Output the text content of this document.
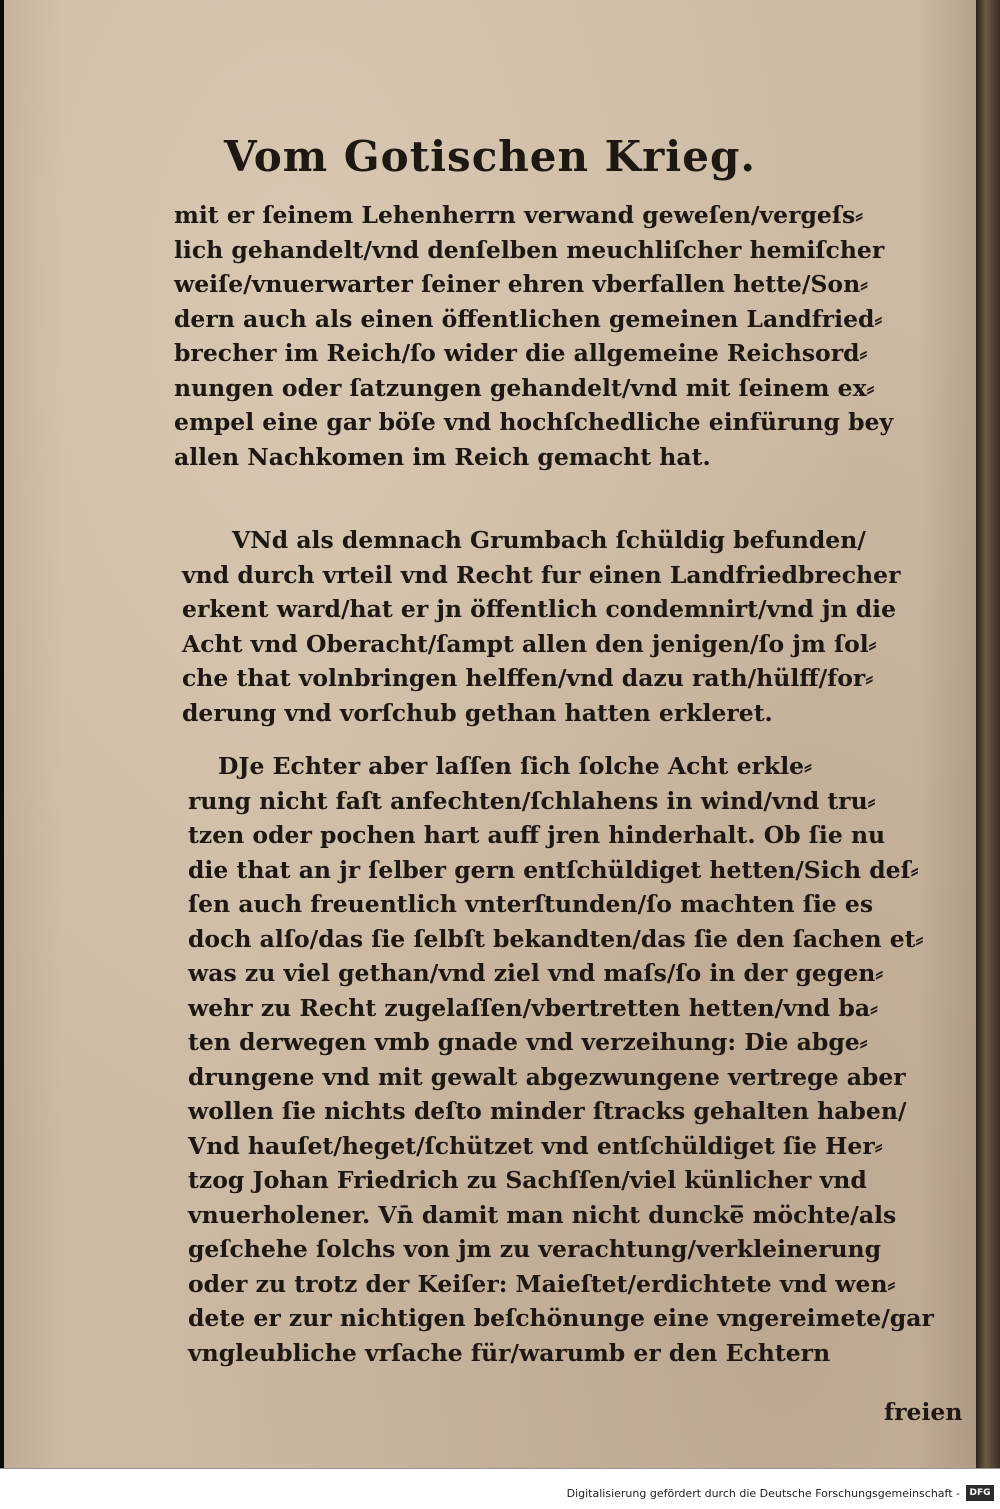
Vom Gotischen Krieg.
mit er ſeinem Lehenherrn verwand geweſen/vergeſs⸗
lich gehandelt/vnd denſelben meuchliſcher hemiſcher
weiſe/vnuerwarter ſeiner ehren vberfallen hette/Son⸗
dern auch als einen öffentlichen gemeinen Landfried⸗
brecher im Reich/ſo wider die allgemeine Reichsord⸗
nungen oder ſatzungen gehandelt/vnd mit ſeinem ex⸗
empel eine gar böſe vnd hochſchedliche einfürung bey
allen Nachkomen im Reich gemacht hat.
VNd als demnach Grumbach ſchüldig befunden/
vnd durch vrteil vnd Recht fur einen Landfriedbrecher
erkent ward/hat er jn öffentlich condemnirt/vnd jn die
Acht vnd Oberacht/ſampt allen den jenigen/ſo jm ſol⸗
che that volnbringen helffen/vnd dazu rath/hülff/for⸗
derung vnd vorſchub gethan hatten erkleret.
DJe Echter aber laſſen ſich ſolche Acht erkle⸗
rung nicht faſt anfechten/ſchlahens in wind/vnd tru⸗
tzen oder pochen hart auff jren hinderhalt. Ob ſie nu
die that an jr ſelber gern entſchüldiget hetten/Sich deſ⸗
ſen auch freuentlich vnterſtunden/ſo machten ſie es
doch alſo/das ſie ſelbſt bekandten/das ſie den ſachen et⸗
was zu viel gethan/vnd ziel vnd maſs/ſo in der gegen⸗
wehr zu Recht zugelaſſen/vbertretten hetten/vnd ba⸗
ten derwegen vmb gnade vnd verzeihung: Die abge⸗
drungene vnd mit gewalt abgezwungene vertrege aber
wollen ſie nichts deſto minder ſtracks gehalten haben/
Vnd hauſet/heget/ſchützet vnd entſchüldiget ſie Her⸗
tzog Johan Friedrich zu Sachſſen/viel künlicher vnd
vnuerholener. Vn̄ damit man nicht duncke̅ möchte/als
geſchehe ſolchs von jm zu verachtung/verkleinerung
oder zu trotz der Keiſer: Maieſtet/erdichtete vnd wen⸗
dete er zur nichtigen beſchönunge eine vngereimete/gar
vngleubliche vrſache für/warumb er den Echtern
freien
Digitalisierung gefördert durch die Deutsche Forschungsgemeinschaft -	DFG
